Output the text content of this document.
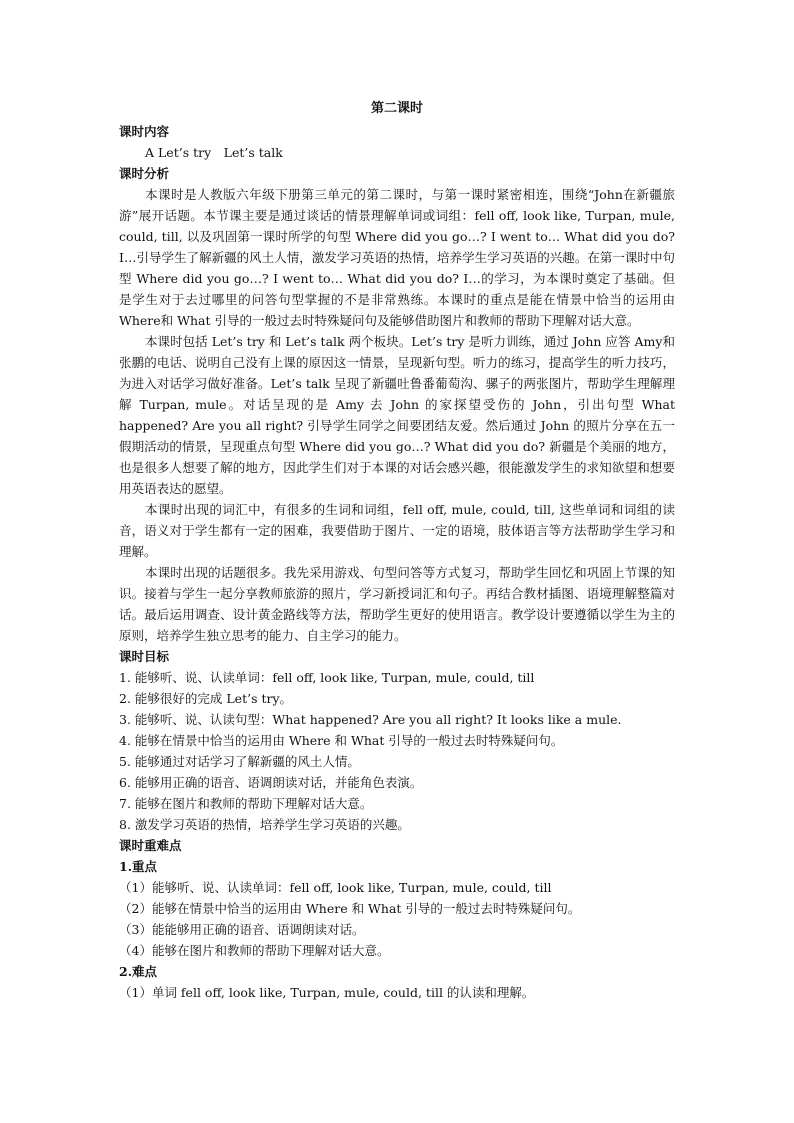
第二课时
课时内容
A Let’s try　Let’s talk
课时分析

本课时是人教版六年级下册第三单元的第二课时，与第一课时紧密相连，围绕“John在新疆旅游”展开话题。本节课主要是通过谈话的情景理解单词或词组：fell off, look like, Turpan, mule, could, till, 以及巩固第一课时所学的句型 Where did you go…? I went to… What did you do? I…引导学生了解新疆的风土人情，激发学习英语的热情，培养学生学习英语的兴趣。在第一课时中句型 Where did you go…? I went to… What did you do? I…的学习，为本课时奠定了基础。但是学生对于去过哪里的问答句型掌握的不是非常熟练。本课时的重点是能在情景中恰当的运用由 Where和 What 引导的一般过去时特殊疑问句及能够借助图片和教师的帮助下理解对话大意。

本课时包括 Let’s try 和 Let’s talk 两个板块。Let’s try 是听力训练，通过 John 应答 Amy和张鹏的电话、说明自己没有上课的原因这一情景，呈现新句型。听力的练习，提高学生的听力技巧，为进入对话学习做好准备。Let’s talk 呈现了新疆吐鲁番葡萄沟、骡子的两张图片，帮助学生理解理解 Turpan, mule。对话呈现的是 Amy 去 John 的家探望受伤的 John，引出句型 What happened? Are you all right? 引导学生同学之间要团结友爱。然后通过 John 的照片分享在五一假期活动的情景，呈现重点句型 Where did you go…? What did you do? 新疆是个美丽的地方，也是很多人想要了解的地方，因此学生们对于本课的对话会感兴趣，很能激发学生的求知欲望和想要用英语表达的愿望。

本课时出现的词汇中，有很多的生词和词组，fell off, mule, could, till, 这些单词和词组的读音，语义对于学生都有一定的困难，我要借助于图片、一定的语境，肢体语言等方法帮助学生学习和理解。

本课时出现的话题很多。我先采用游戏、句型问答等方式复习，帮助学生回忆和巩固上节课的知识。接着与学生一起分享教师旅游的照片，学习新授词汇和句子。再结合教材插图、语境理解整篇对话。最后运用调查、设计黄金路线等方法，帮助学生更好的使用语言。教学设计要遵循以学生为主的原则，培养学生独立思考的能力、自主学习的能力。

课时目标
1. 能够听、说、认读单词：fell off, look like, Turpan, mule, could, till
2. 能够很好的完成 Let’s try。
3. 能够听、说、认读句型：What happened? Are you all right? It looks like a mule.
4. 能够在情景中恰当的运用由 Where 和 What 引导的一般过去时特殊疑问句。
5. 能够通过对话学习了解新疆的风土人情。
6. 能够用正确的语音、语调朗读对话，并能角色表演。
7. 能够在图片和教师的帮助下理解对话大意。
8. 激发学习英语的热情，培养学生学习英语的兴趣。
课时重难点
1.重点
（1）能够听、说、认读单词：fell off, look like, Turpan, mule, could, till
（2）能够在情景中恰当的运用由 Where 和 What 引导的一般过去时特殊疑问句。
（3）能能够用正确的语音、语调朗读对话。
（4）能够在图片和教师的帮助下理解对话大意。
2.难点
（1）单词 fell off, look like, Turpan, mule, could, till 的认读和理解。
